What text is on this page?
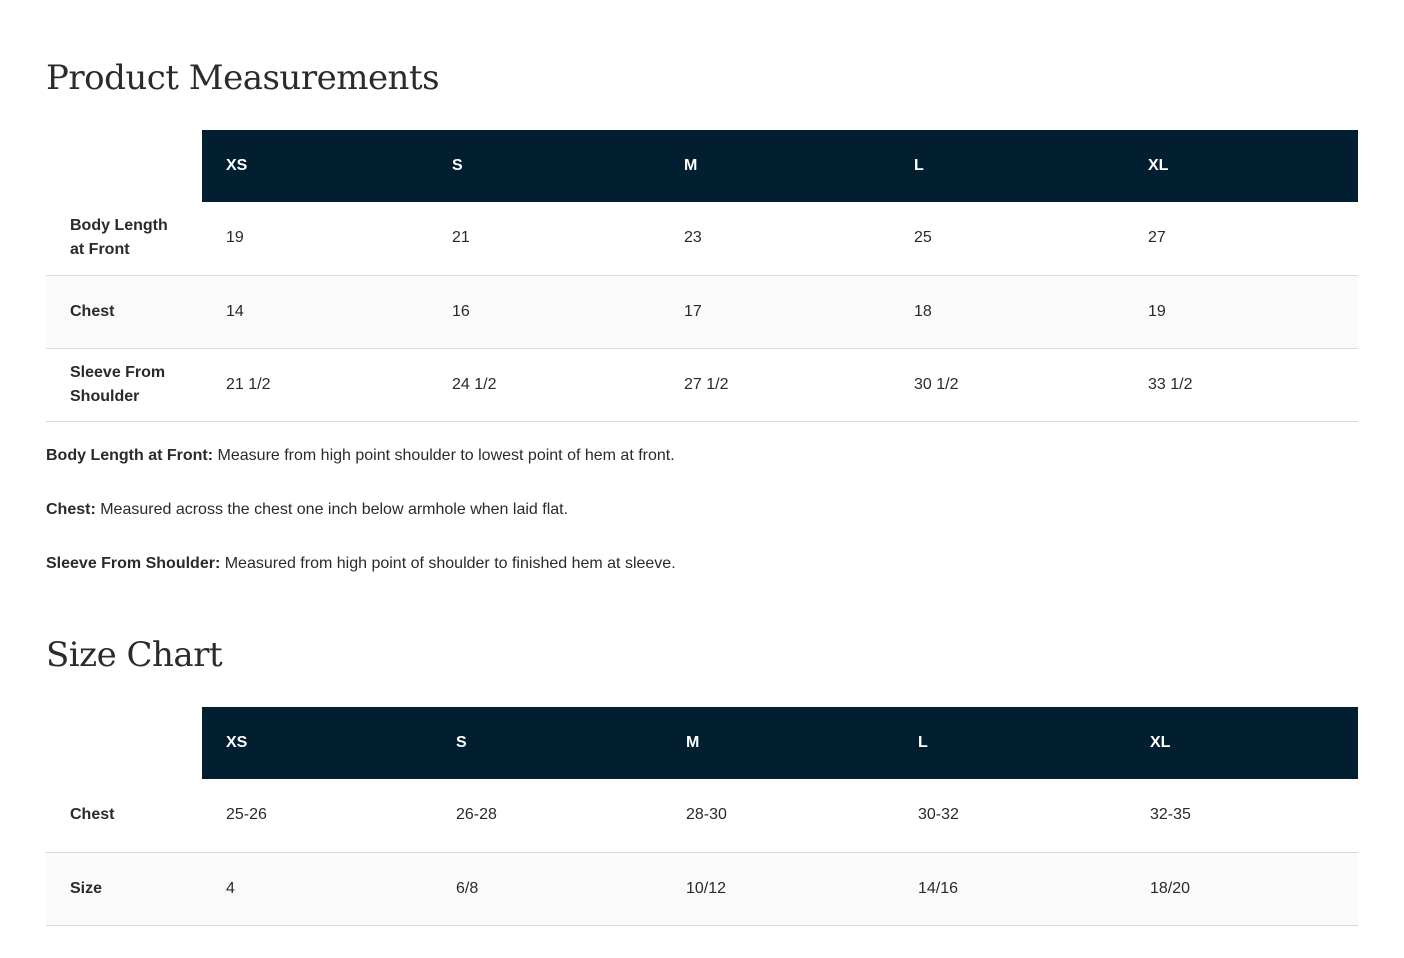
Product Measurements
	XS	S	M	L	XL
Body Length at Front	19	21	23	25	27
Chest	14	16	17	18	19
Sleeve From Shoulder	21 1/2	24 1/2	27 1/2	30 1/2	33 1/2

Body Length at Front: Measure from high point shoulder to lowest point of hem at front.

Chest: Measured across the chest one inch below armhole when laid flat.

Sleeve From Shoulder: Measured from high point of shoulder to finished hem at sleeve.

Size Chart
	XS	S	M	L	XL
Chest	25-26	26-28	28-30	30-32	32-35
Size	4	6/8	10/12	14/16	18/20
